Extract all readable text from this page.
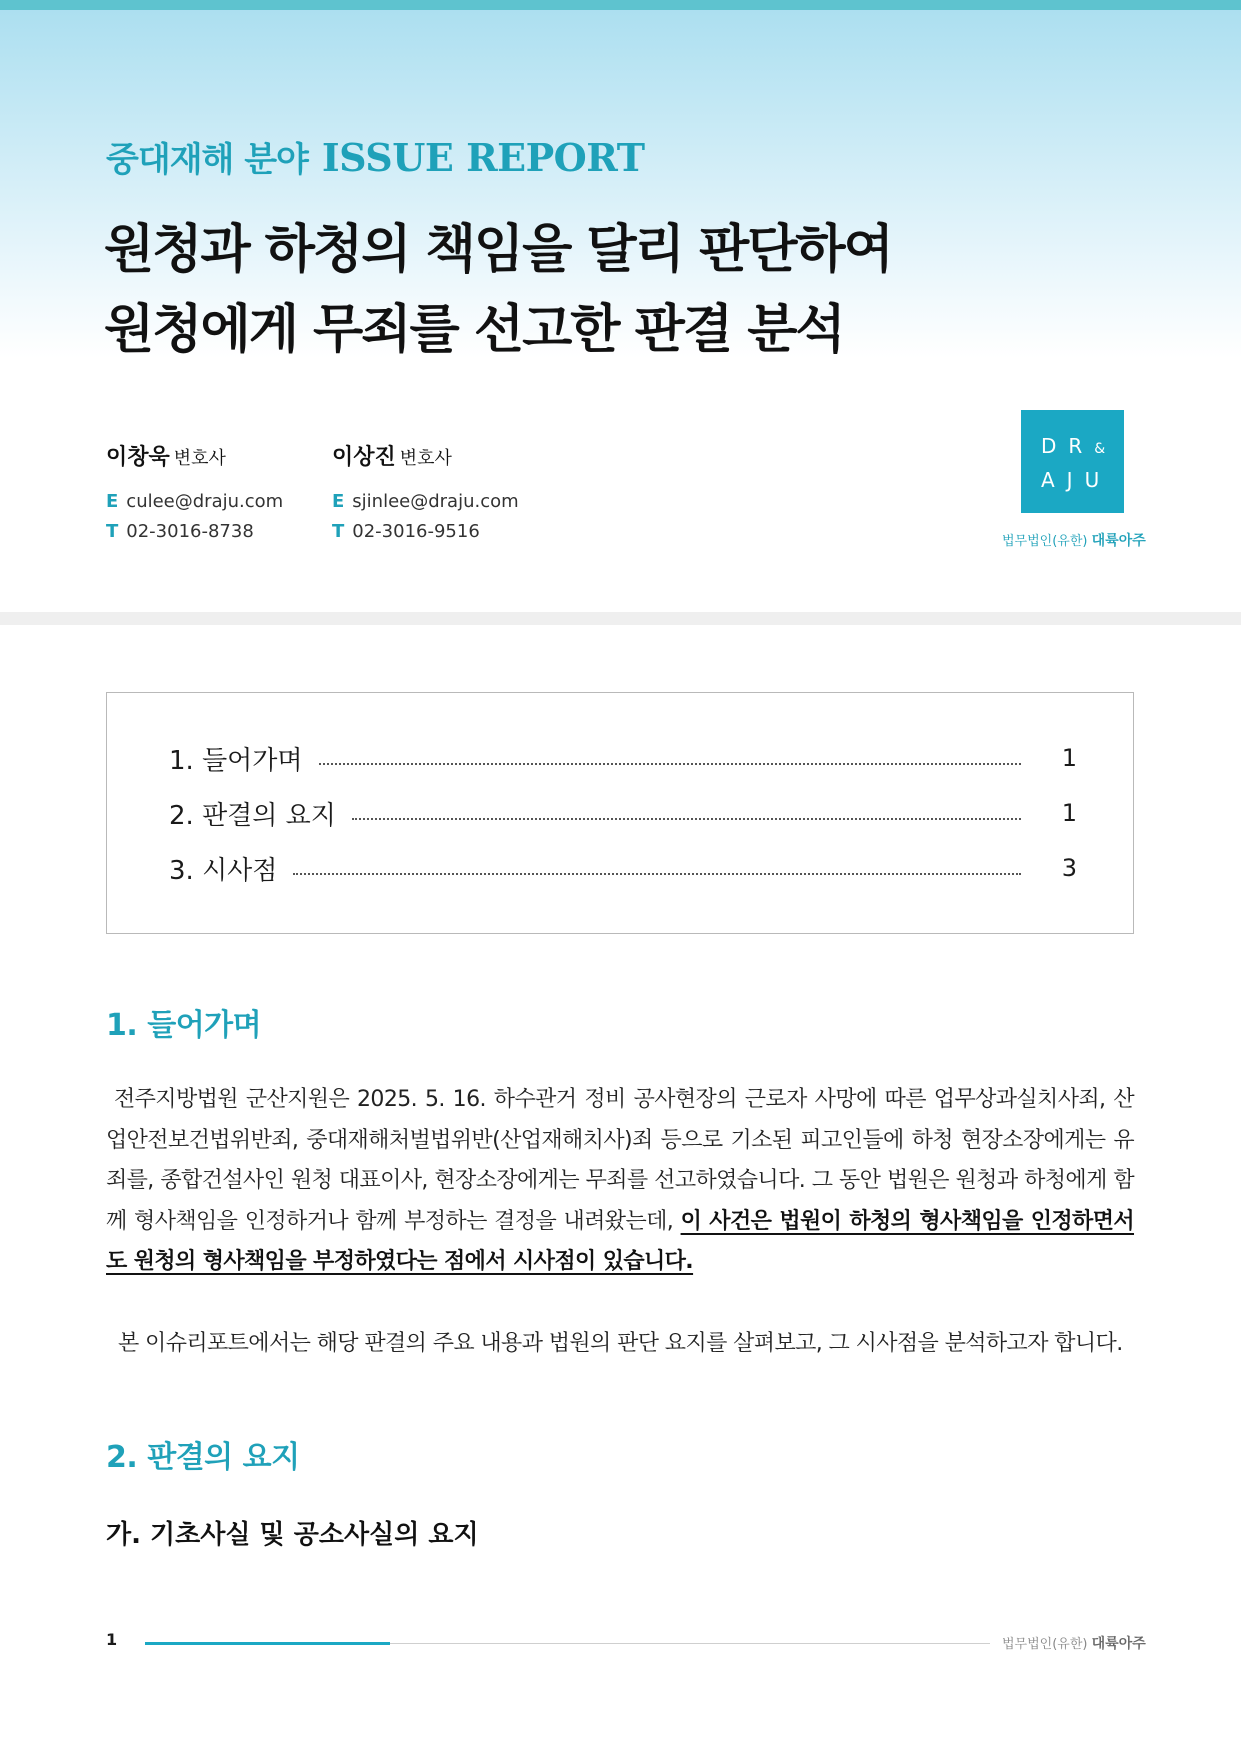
중대재해 분야 ISSUE REPORT
원청과 하청의 책임을 달리 판단하여
원청에게 무죄를 선고한 판결 분석
이창욱 변호사
E culee@draju.com
T 02-3016-8738
이상진 변호사
E sjinlee@draju.com
T 02-3016-9516
DR&
AJU
법무법인(유한) 대륙아주
1. 들어가며	1
2. 판결의 요지	1
3. 시사점	3
1. 들어가며

전주지방법원 군산지원은 2025. 5. 16. 하수관거 정비 공사현장의 근로자 사망에 따른 업무상과실치사죄, 산업안전보건법위반죄, 중대재해처벌법위반(산업재해치사)죄 등으로 기소된 피고인들에 하청 현장소장에게는 유죄를, 종합건설사인 원청 대표이사, 현장소장에게는 무죄를 선고하였습니다. 그 동안 법원은 원청과 하청에게 함께 형사책임을 인정하거나 함께 부정하는 결정을 내려왔는데, 이 사건은 법원이 하청의 형사책임을 인정하면서도 원청의 형사책임을 부정하였다는 점에서 시사점이 있습니다.

본 이슈리포트에서는 해당 판결의 주요 내용과 법원의 판단 요지를 살펴보고, 그 시사점을 분석하고자 합니다.

2. 판결의 요지
가. 기초사실 및 공소사실의 요지
1	법무법인(유한) 대륙아주
